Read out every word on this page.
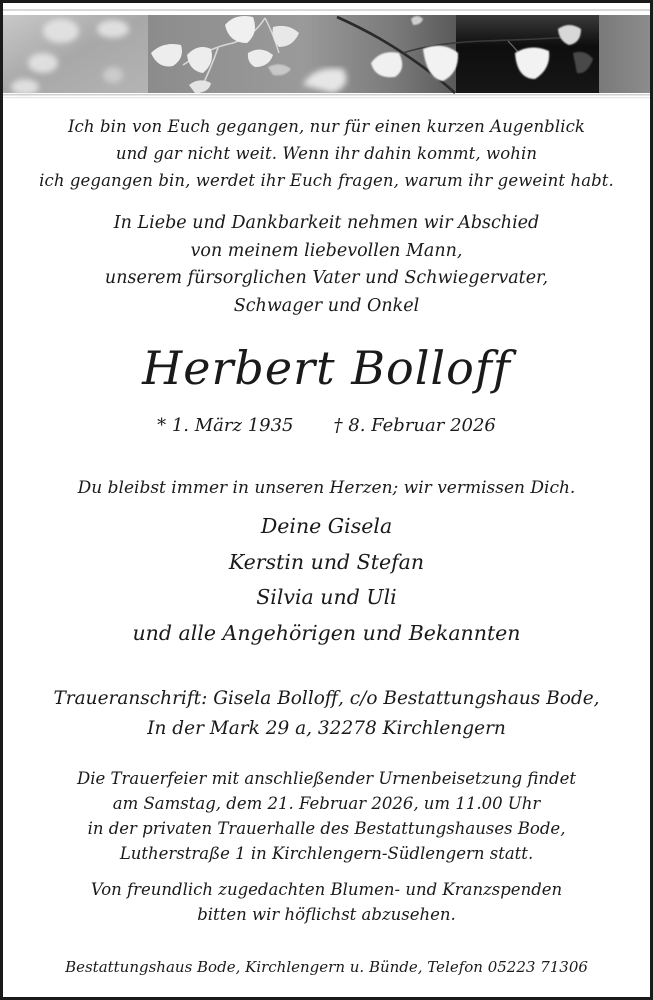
Ich bin von Euch gegangen, nur für einen kurzen Augenblick
und gar nicht weit. Wenn ihr dahin kommt, wohin
ich gegangen bin, werdet ihr Euch fragen, warum ihr geweint habt.
In Liebe und Dankbarkeit nehmen wir Abschied
von meinem liebevollen Mann,
unserem fürsorglichen Vater und Schwiegervater,
Schwager und Onkel
Herbert Bolloff
* 1. März 1935 † 8. Februar 2026
Du bleibst immer in unseren Herzen; wir vermissen Dich.
Deine Gisela
Kerstin und Stefan
Silvia und Uli
und alle Angehörigen und Bekannten
Traueranschrift: Gisela Bolloff, c/o Bestattungshaus Bode,
In der Mark 29 a, 32278 Kirchlengern
Die Trauerfeier mit anschließender Urnenbeisetzung findet
am Samstag, dem 21. Februar 2026, um 11.00 Uhr
in der privaten Trauerhalle des Bestattungshauses Bode,
Lutherstraße 1 in Kirchlengern-Südlengern statt.
Von freundlich zugedachten Blumen- und Kranzspenden
bitten wir höflichst abzusehen.
Bestattungshaus Bode, Kirchlengern u. Bünde, Telefon 05223 71306
